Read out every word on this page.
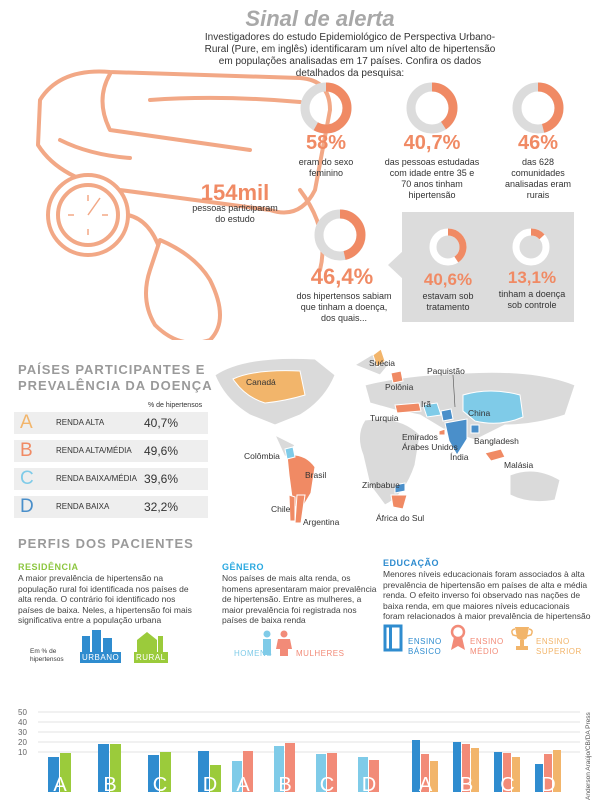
Sinal de alerta
Investigadores do estudo Epidemiológico de Perspectiva Urbano-Rural (Pure, em inglês) identificaram um nível alto de hipertensão em populações analisadas em 17 países. Confira os dados detalhados da pesquisa:
154mil
pessoas participaram do estudo
58%
eram do sexo feminino
40,7%
das pessoas estudadas com idade entre 35 e 70 anos tinham hipertensão
46%
das 628 comunidades analisadas eram rurais
46,4%
dos hipertensos sabiam que tinham a doença, dos quais...
40,6%
estavam sob tratamento
13,1%
tinham a doença sob controle
PAÍSES PARTICIPANTES E
PREVALÊNCIA DA DOENÇA
% de hipertensos
A	RENDA ALTA	40,7%
B	RENDA ALTA/MÉDIA 49,6%
C	RENDA BAIXA/MÉDIA 39,6%
D	RENDA BAIXA	32,2%
Canadá
Suécia
Polônia
Paquistão
Irã
Turquia	China
Emirados Árabes Unidos
Bangladesh
Índia
Malásia
Colômbia
Brasil
Zimbabue
Chile
Argentina	África do Sul
PERFIS DOS PACIENTES
RESIDÊNCIA
A maior prevalência de hipertensão na população rural foi identificada nos países de alta renda. O contrário foi identificado nos países de baixa. Neles, a hipertensão foi mais significativa entre a população urbana
GÊNERO
Nos países de mais alta renda, os homens apresentaram maior prevalência de hipertensão. Entre as mulheres, a maior prevalência foi registrada nos países de baixa renda
EDUCAÇÃO
Menores níveis educacionais foram associados à alta prevalência de hipertensão em países de alta e média renda. O efeito inverso foi observado nas nações de baixa renda, em que maiores níveis educacionais foram relacionados à maior prevalência de hipertensão
Em % de hipertensos	URBANO RURAL	HOMENS	MULHERES
ENSINO BÁSICO
ENSINO MÉDIO
ENSINO SUPERIOR
10
20
30
40
50
A B C D A B C D A B C D	Anderson Araújo/CB/DA Press
